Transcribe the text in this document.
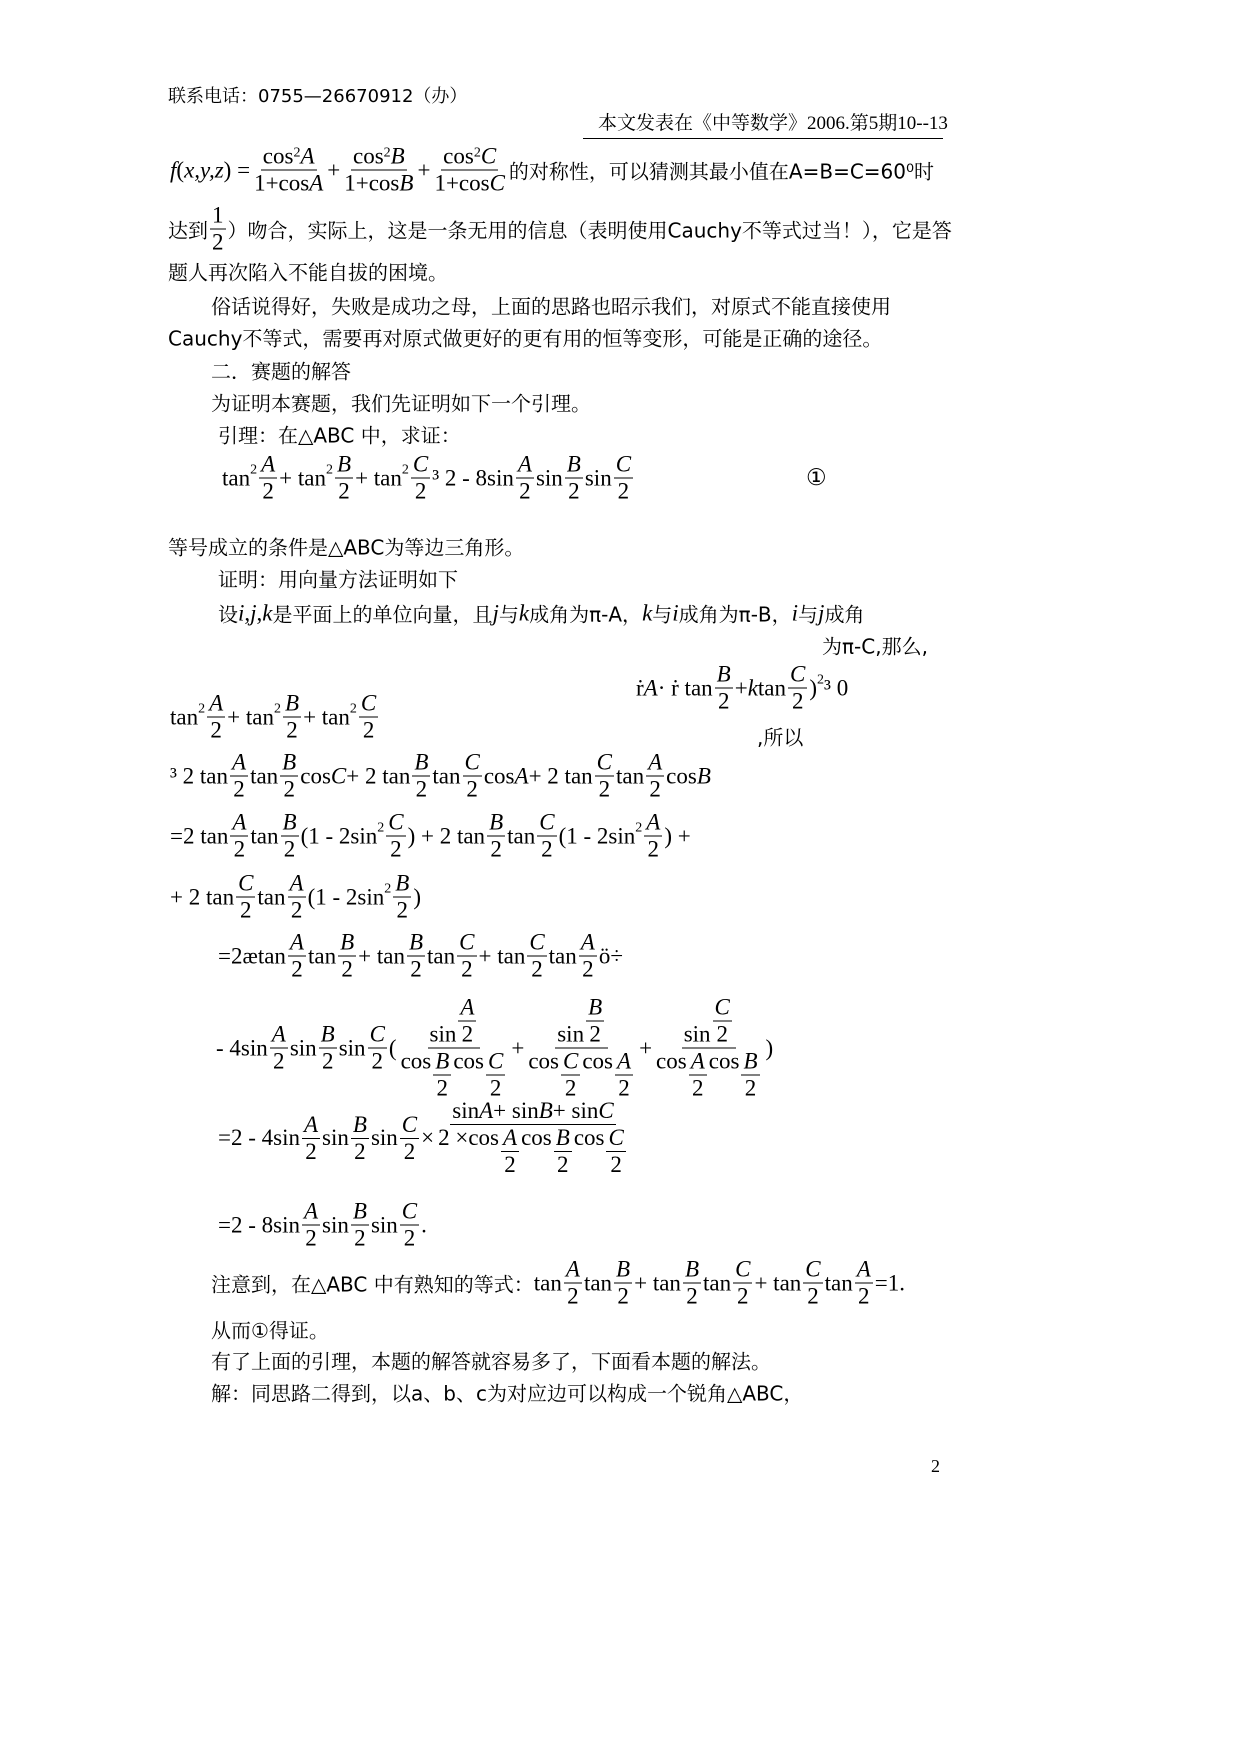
联系电话：0755—26670912（办）
本文发表在《中等数学》2006.第5期10--13
f ( x,y,z ) = $\frac{\cos 2 A}{\text{1+cos A}} + \frac{\cos 2 B}{\text{1+cos B}} + \frac{\cos 2 C}{\text{1+cos C}}$ 的对称性，可以猜测其最小值在A=B=C=60⁰时
达到 $\frac{1}{2}$ ）吻合，实际上，这是一条无用的信息（表明使用Cauchy不等式过当！），它是答
题人再次陷入不能自拔的困境。
俗话说得好，失败是成功之母，上面的思路也昭示我们，对原式不能直接使用
Cauchy不等式，需要再对原式做更好的更有用的恒等变形，可能是正确的途径。
二．赛题的解答
为证明本赛题，我们先证明如下一个引理。
引理：在△ABC 中，求证：
$\tan 2 \frac{A}{2} + \tan 2 \frac{B}{2} + \tan 2 \frac{C}{2} ^3$ $2 - 8\sin \frac{A}{2}$ $\sin \frac{B}{2}$ $\sin \frac{C}{2}$	①
等号成立的条件是△ABC为等边三角形。
证明：用向量方法证明如下
设 i , j , k 是平面上的单位向量，且 j 与 k 成角为π-A， k 与 i 成角为π-B， i 与 j 成角
为π-C,那么,
ṙ A · ṙ $\tan \frac{B}{2} + k$ $\tan \frac{C}{2}$ ) 2 ³ 0
$\tan 2 \frac{A}{2} + \tan 2 \frac{B}{2} + \tan 2 \frac{C}{2}$	,所以
³ 2 $\tan \frac{A}{2}$ $\tan \frac{B}{2}$ cos C + 2 $\tan \frac{B}{2}$ $\tan \frac{C}{2}$ cos A + 2 $\tan \frac{C}{2}$ $\tan \frac{A}{2}$ cos B
=2 $\tan \frac{A}{2}$ $\tan \frac{B}{2} (1 - 2\sin$ $2 \frac{C}{2}$ ) + 2 $\tan \frac{B}{2}$ $\tan \frac{C}{2} (1 - 2\sin$ $2 \frac{A}{2}$ ) +
+ 2 $\tan \frac{C}{2}$ $\tan \frac{A}{2} (1 - 2\sin$ $2 \frac{B}{2}$ )
=2æ $\tan \frac{A}{2}$ $\tan \frac{B}{2} + \tan \frac{B}{2}$ $\tan \frac{C}{2} + \tan \frac{C}{2}$ $\tan \frac{A}{2}$ ö÷
- $4\sin \frac{A}{2}$ $\sin \frac{B}{2}$ $\sin \frac{C}{2}$ ( $\frac{\sin \frac{A}{2}}{\cos \frac{B}{2} \cos \frac{C}{2}} + \frac{\sin \frac{B}{2}}{\cos \frac{C}{2} \cos \frac{A}{2}} + \frac{\sin \frac{C}{2}}{\cos \frac{A}{2} \cos \frac{B}{2}}$ )
$=2 - 4\sin \frac{A}{2}$ $\sin \frac{B}{2}$ $\sin \frac{C}{2} \times \frac{\text{sin A + sin B + sin C}}{2 \times\cos \frac{A}{2} \cos \frac{B}{2} \cos \frac{C}{2}}$
$=2 - 8\sin \frac{A}{2}$ $\sin \frac{B}{2}$ $\sin \frac{C}{2}$ .
注意到，在△ABC 中有熟知的等式： $\tan \frac{A}{2}$ $\tan \frac{B}{2} + \tan \frac{B}{2}$ $\tan \frac{C}{2} + \tan \frac{C}{2}$ $\tan \frac{A}{2} =1$.
从而①得证。
有了上面的引理，本题的解答就容易多了，下面看本题的解法。
解：同思路二得到，以a、b、c为对应边可以构成一个锐角△ABC，
2
